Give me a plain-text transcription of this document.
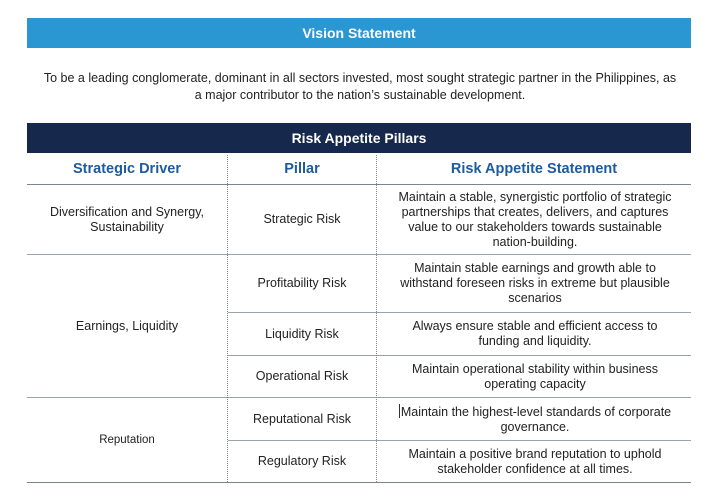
Vision Statement
To be a leading conglomerate, dominant in all sectors invested, most sought strategic partner in the Philippines, as a major contributor to the nation’s sustainable development.
Risk Appetite Pillars
Strategic Driver	Pillar	Risk Appetite Statement
Diversification and Synergy, Sustainability
Earnings, Liquidity
Reputation
Strategic Risk
Profitability Risk
Liquidity Risk
Operational Risk
Reputational Risk
Regulatory Risk
Maintain a stable, synergistic portfolio of strategic partnerships that creates, delivers, and captures value to our stakeholders towards sustainable nation-building.
Maintain stable earnings and growth able to withstand foreseen risks in extreme but plausible scenarios
Always ensure stable and efficient access to funding and liquidity.
Maintain operational stability within business operating capacity
Maintain the highest-level standards of corporate governance.
Maintain a positive brand reputation to uphold stakeholder confidence at all times.
